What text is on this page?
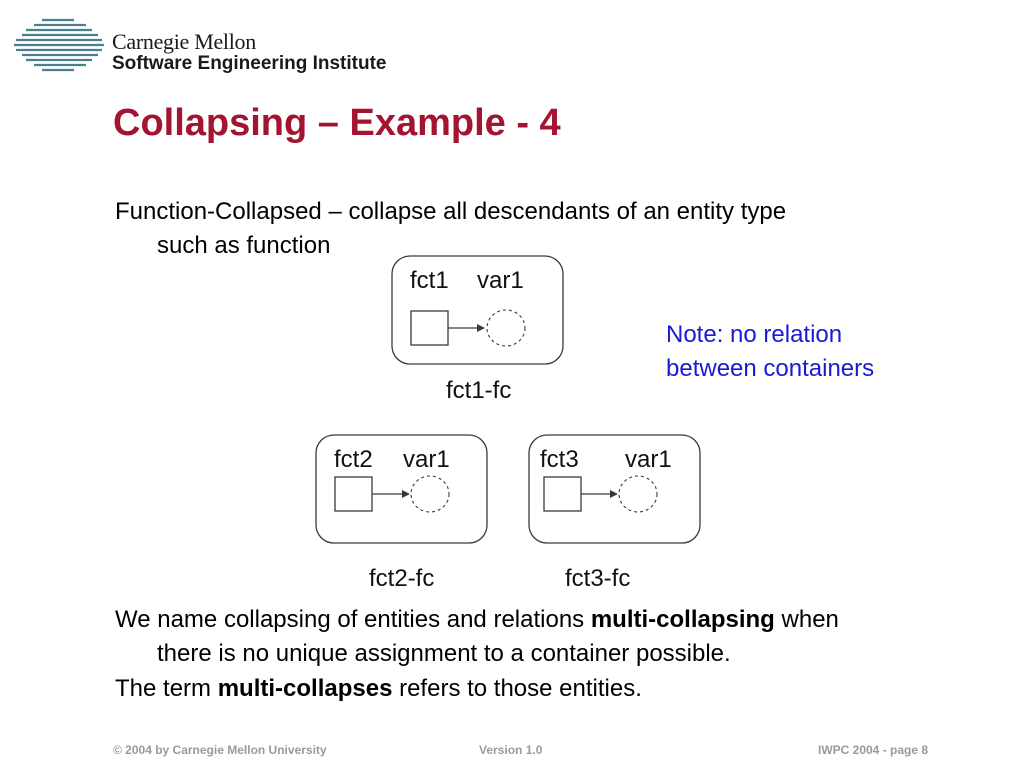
Carnegie Mellon
Software Engineering Institute
Collapsing – Example - 4
Function-Collapsed – collapse all descendants of an entity type
such as function
Note: no relation
between containers
fct1 var1
fct1-fc
fct2 var1
fct2-fc
fct3 var1
fct3-fc
We name collapsing of entities and relations multi-collapsing when
there is no unique assignment to a container possible.
The term multi-collapses refers to those entities.
© 2004 by Carnegie Mellon University	Version 1.0	IWPC 2004 - page 8
